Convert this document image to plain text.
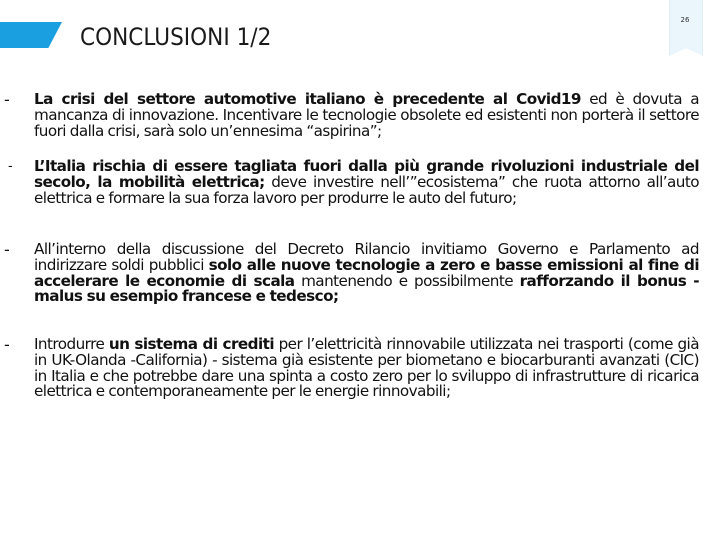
CONCLUSIONI 1/2
26
- La crisi del settore automotive italiano è precedente al Covid19 ed è dovuta a mancanza di innovazione. Incentivare le tecnologie obsolete ed esistenti non porterà il settore fuori dalla crisi, sarà solo un’ennesima “aspirina”;

- L’Italia rischia di essere tagliata fuori dalla più grande rivoluzioni industriale del secolo, la mobilità elettrica; deve investire nell’”ecosistema” che ruota attorno all’auto elettrica e formare la sua forza lavoro per produrre le auto del futuro;

- All’interno della discussione del Decreto Rilancio invitiamo Governo e Parlamento ad indirizzare soldi pubblici solo alle nuove tecnologie a zero e basse emissioni al fine di accelerare le economie di scala mantenendo e possibilmente rafforzando il bonus -malus su esempio francese e tedesco;

- Introdurre un sistema di crediti per l’elettricità rinnovabile utilizzata nei trasporti (come già in UK-Olanda -California) - sistema già esistente per biometano e biocarburanti avanzati (CIC) in Italia e che potrebbe dare una spinta a costo zero per lo sviluppo di infrastrutture di ricarica elettrica e contemporaneamente per le energie rinnovabili;
